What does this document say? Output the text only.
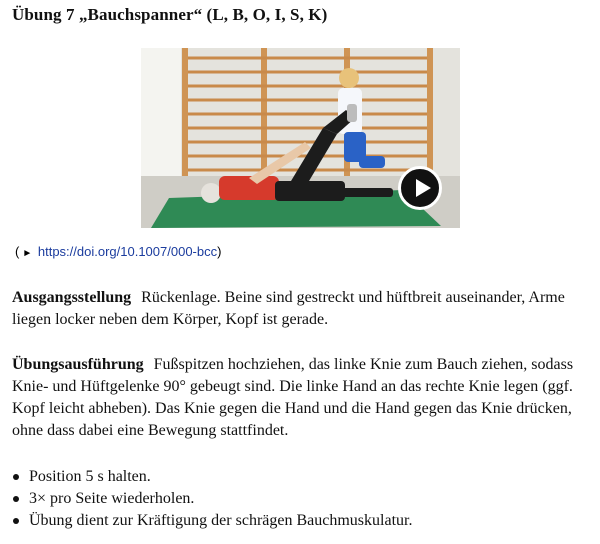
Übung 7 „Bauchspanner“ (L, B, O, I, S, K)
( ► https://doi.org/10.1007/000-bcc)

Ausgangsstellung Rückenlage. Beine sind gestreckt und hüftbreit auseinander, Arme liegen locker neben dem Körper, Kopf ist gerade.

Übungsausführung Fußspitzen hochziehen, das linke Knie zum Bauch ziehen, sodass Knie- und Hüftgelenke 90° gebeugt sind. Die linke Hand an das rechte Knie legen (ggf. Kopf leicht abheben). Das Knie gegen die Hand und die Hand gegen das Knie drücken, ohne dass dabei eine Bewegung stattfindet.

Position 5 s halten.
3× pro Seite wiederholen.
Übung dient zur Kräftigung der schrägen Bauchmuskulatur.
